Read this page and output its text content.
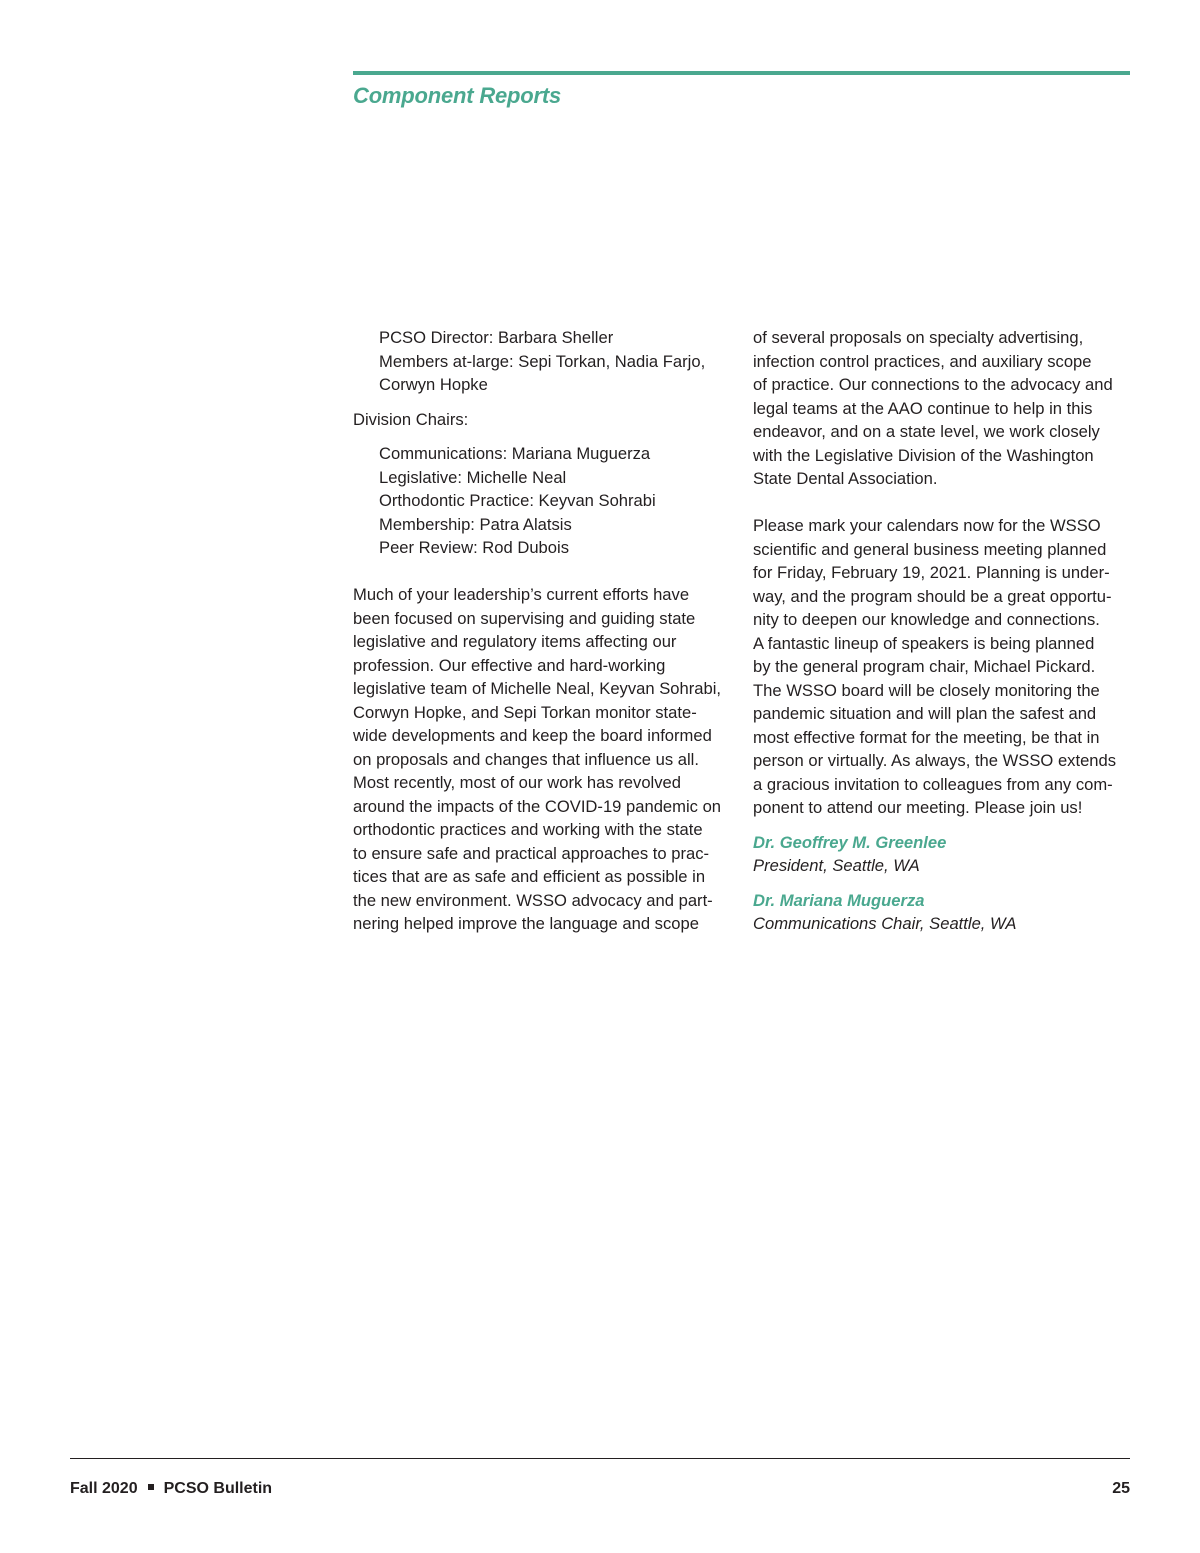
Component Reports
PCSO Director: Barbara Sheller
Members at-large: Sepi Torkan, Nadia Farjo,
Corwyn Hopke
Division Chairs:
Communications: Mariana Muguerza
Legislative: Michelle Neal
Orthodontic Practice: Keyvan Sohrabi
Membership: Patra Alatsis
Peer Review: Rod Dubois
Much of your leadership’s current efforts have
been focused on supervising and guiding state
legislative and regulatory items affecting our
profession. Our effective and hard-working
legislative team of Michelle Neal, Keyvan Sohrabi,
Corwyn Hopke, and Sepi Torkan monitor state-
wide developments and keep the board informed
on proposals and changes that influence us all.
Most recently, most of our work has revolved
around the impacts of the COVID-19 pandemic on
orthodontic practices and working with the state
to ensure safe and practical approaches to prac-
tices that are as safe and efficient as possible in
the new environment. WSSO advocacy and part-
nering helped improve the language and scope
of several proposals on specialty advertising,
infection control practices, and auxiliary scope
of practice. Our connections to the advocacy and
legal teams at the AAO continue to help in this
endeavor, and on a state level, we work closely
with the Legislative Division of the Washington
State Dental Association.
Please mark your calendars now for the WSSO
scientific and general business meeting planned
for Friday, February 19, 2021. Planning is under-
way, and the program should be a great opportu-
nity to deepen our knowledge and connections.
A fantastic lineup of speakers is being planned
by the general program chair, Michael Pickard.
The WSSO board will be closely monitoring the
pandemic situation and will plan the safest and
most effective format for the meeting, be that in
person or virtually. As always, the WSSO extends
a gracious invitation to colleagues from any com-
ponent to attend our meeting. Please join us!
Dr. Geoffrey M. Greenlee
President, Seattle, WA
Dr. Mariana Muguerza
Communications Chair, Seattle, WA
Fall 2020 PCSO Bulletin	25
